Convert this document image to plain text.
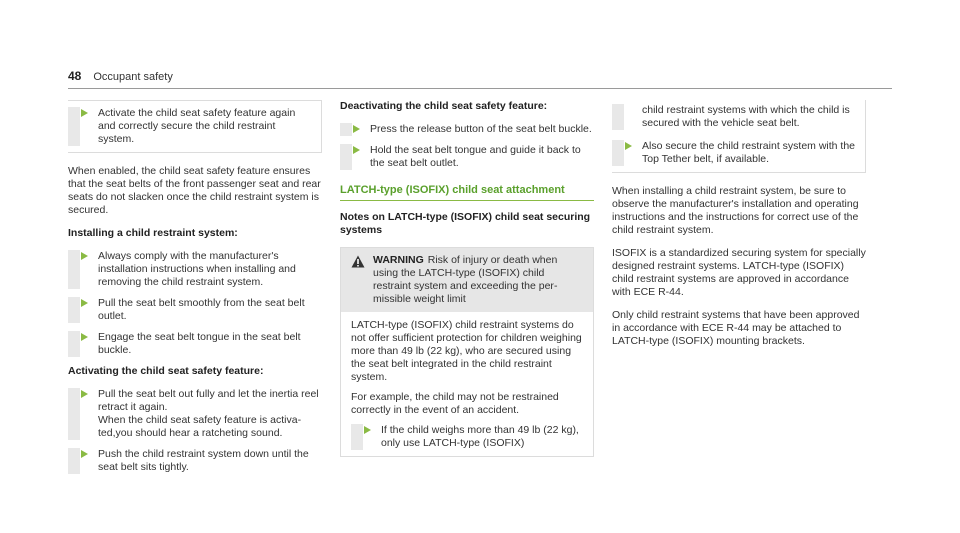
48 Occupant safety
Activate the child seat safety feature again and correctly secure the child restraint system.

When enabled, the child seat safety feature ensures that the seat belts of the front passenger seat and rear seats do not slacken once the child restraint system is secured.

Installing a child restraint system:

Always comply with the manufacturer's installation instructions when installing and removing the child restraint system.
Pull the seat belt smoothly from the seat belt outlet.
Engage the seat belt tongue in the seat belt buckle.

Activating the child seat safety feature:

Pull the seat belt out fully and let the inertia reel retract it again.
When the child seat safety feature is activated,you should hear a ratcheting sound.
Push the child restraint system down until the seat belt sits tightly.

Deactivating the child seat safety feature:

Press the release button of the seat belt buckle.
Hold the seat belt tongue and guide it back to the seat belt outlet.
LATCH-type (ISOFIX) child seat attachment

Notes on LATCH-type (ISOFIX) child seat securing systems

WARNING Risk of injury or death when using the LATCH-type (ISOFIX) child restraint system and exceeding the permissible weight limit

LATCH-type (ISOFIX) child restraint systems do not offer sufficient protection for children weighing more than 49 lb (22 kg), who are secured using the seat belt integrated in the child restraint system.

For example, the child may not be restrained correctly in the event of an accident.

If the child weighs more than 49 lb (22 kg), only use LATCH-type (ISOFIX)
child restraint systems with which the child is secured with the vehicle seat belt.
Also secure the child restraint system with the Top Tether belt, if available.

When installing a child restraint system, be sure to observe the manufacturer's installation and operating instructions and the instructions for correct use of the child restraint system.

ISOFIX is a standardized securing system for specially designed restraint systems. LATCH-type (ISOFIX) child restraint systems are approved in accordance with ECE R-44.

Only child restraint systems that have been approved in accordance with ECE R-44 may be attached to LATCH-type (ISOFIX) mounting brackets.
